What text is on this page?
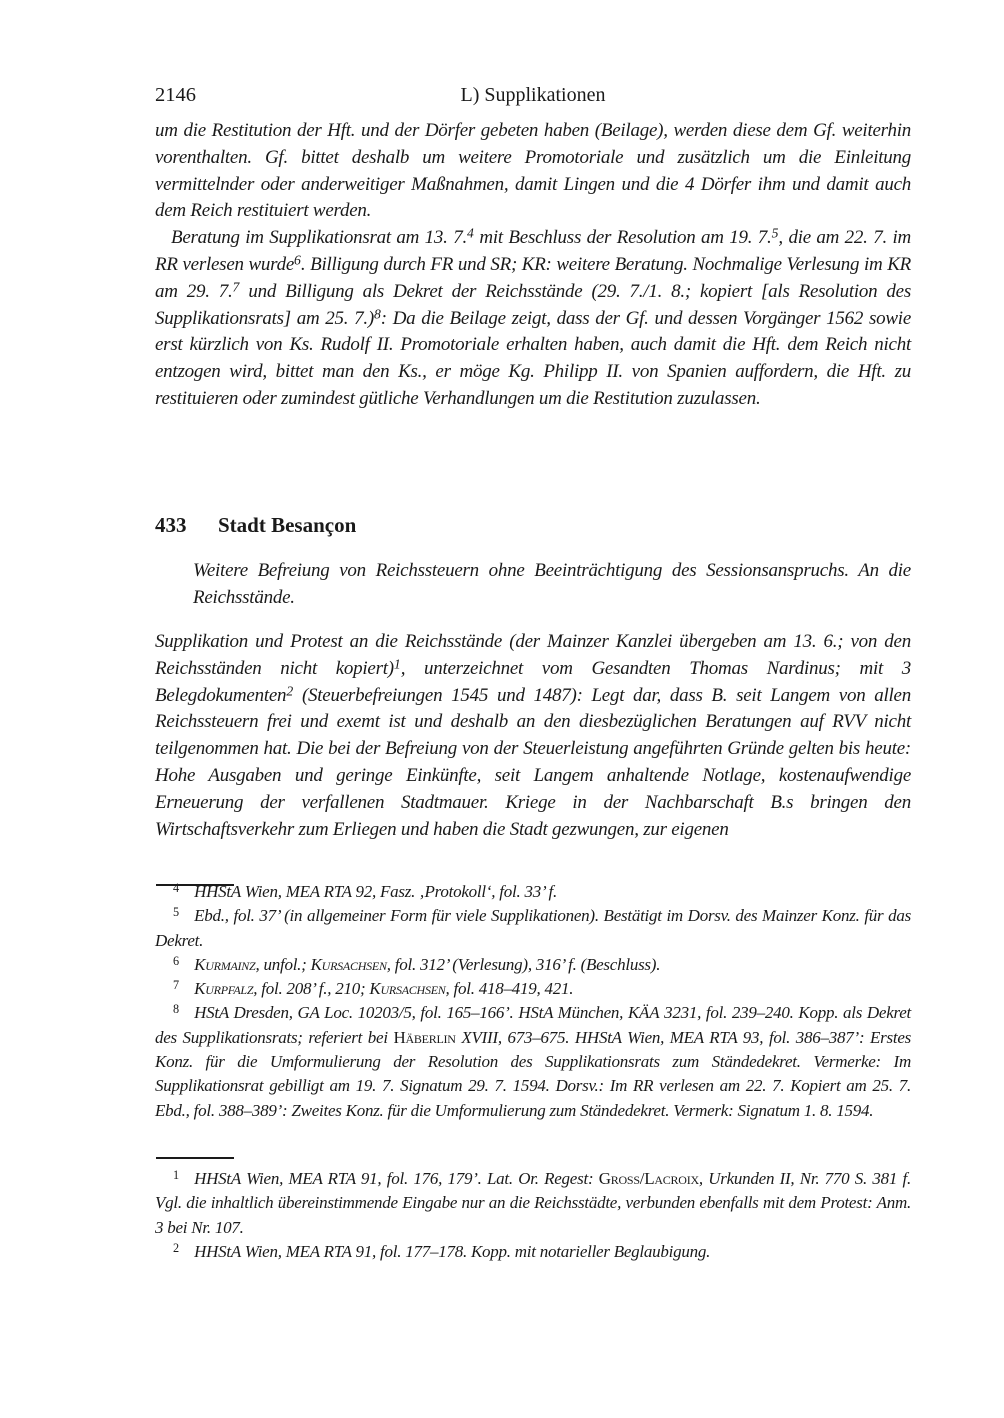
2146	L) Supplikationen

um die Restitution der Hft. und der Dörfer gebeten haben (Beilage), werden diese dem Gf. weiterhin vorenthalten. Gf. bittet deshalb um weitere Promotoriale und zusätzlich um die Einleitung vermittelnder oder anderweitiger Maßnahmen, damit Lingen und die 4 Dörfer ihm und damit auch dem Reich restituiert werden.

Beratung im Supplikationsrat am 13. 7.$^4$ mit Beschluss der Resolution am 19. 7.$^5$, die am 22. 7. im RR verlesen wurde$^6$. Billigung durch FR und SR; KR: weitere Beratung. Nochmalige Verlesung im KR am 29. 7.$^7$ und Billigung als Dekret der Reichsstände (29. 7./1. 8.; kopiert [als Resolution des Supplikationsrats] am 25. 7.)$^8$: Da die Beilage zeigt, dass der Gf. und dessen Vorgänger 1562 sowie erst kürzlich von Ks. Rudolf II. Promotoriale erhalten haben, auch damit die Hft. dem Reich nicht entzogen wird, bittet man den Ks., er möge Kg. Philipp II. von Spanien auffordern, die Hft. zu restituieren oder zumindest gütliche Verhandlungen um die Restitution zuzulassen.

433 Stadt Besançon

Weitere Befreiung von Reichssteuern ohne Beeinträchtigung des Sessionsanspruchs. An die Reichsstände.

Supplikation und Protest an die Reichsstände (der Mainzer Kanzlei übergeben am 13. 6.; von den Reichsständen nicht kopiert)$^1$, unterzeichnet vom Gesandten Thomas Nardinus; mit 3 Belegdokumenten$^2$ (Steuerbefreiungen 1545 und 1487): Legt dar, dass B. seit Langem von allen Reichssteuern frei und exemt ist und deshalb an den diesbezüglichen Beratungen auf RVV nicht teilgenommen hat. Die bei der Befreiung von der Steuerleistung angeführten Gründe gelten bis heute: Hohe Ausgaben und geringe Einkünfte, seit Langem anhaltende Notlage, kostenaufwendige Erneuerung der verfallenen Stadtmauer. Kriege in der Nachbarschaft B.s bringen den Wirtschaftsverkehr zum Erliegen und haben die Stadt gezwungen, zur eigenen

$^4$ HHStA Wien, MEA RTA 92, Fasz. ‚Protokoll‘, fol. 33’ f.

$^5$ Ebd., fol. 37’ (in allgemeiner Form für viele Supplikationen). Bestätigt im Dorsv. des Mainzer Konz. für das Dekret.

$^6$ Kurmainz, unfol.; Kursachsen, fol. 312’ (Verlesung), 316’ f. (Beschluss).

$^7$ Kurpfalz, fol. 208’ f., 210; Kursachsen, fol. 418–419, 421.

$^8$ HStA Dresden, GA Loc. 10203/5, fol. 165–166’. HStA München, KÄA 3231, fol. 239–240. Kopp. als Dekret des Supplikationsrats; referiert bei Häberlin XVIII, 673–675. HHStA Wien, MEA RTA 93, fol. 386–387’: Erstes Konz. für die Umformulierung der Resolution des Supplikationsrats zum Ständedekret. Vermerke: Im Supplikationsrat gebilligt am 19. 7. Signatum 29. 7. 1594. Dorsv.: Im RR verlesen am 22. 7. Kopiert am 25. 7. Ebd., fol. 388–389’: Zweites Konz. für die Umformulierung zum Ständedekret. Vermerk: Signatum 1. 8. 1594.

$^1$ HHStA Wien, MEA RTA 91, fol. 176, 179’. Lat. Or. Regest: Gross/Lacroix, Urkunden II, Nr. 770 S. 381 f. Vgl. die inhaltlich übereinstimmende Eingabe nur an die Reichsstädte, verbunden ebenfalls mit dem Protest: Anm. 3 bei Nr. 107.

$^2$ HHStA Wien, MEA RTA 91, fol. 177–178. Kopp. mit notarieller Beglaubigung.
